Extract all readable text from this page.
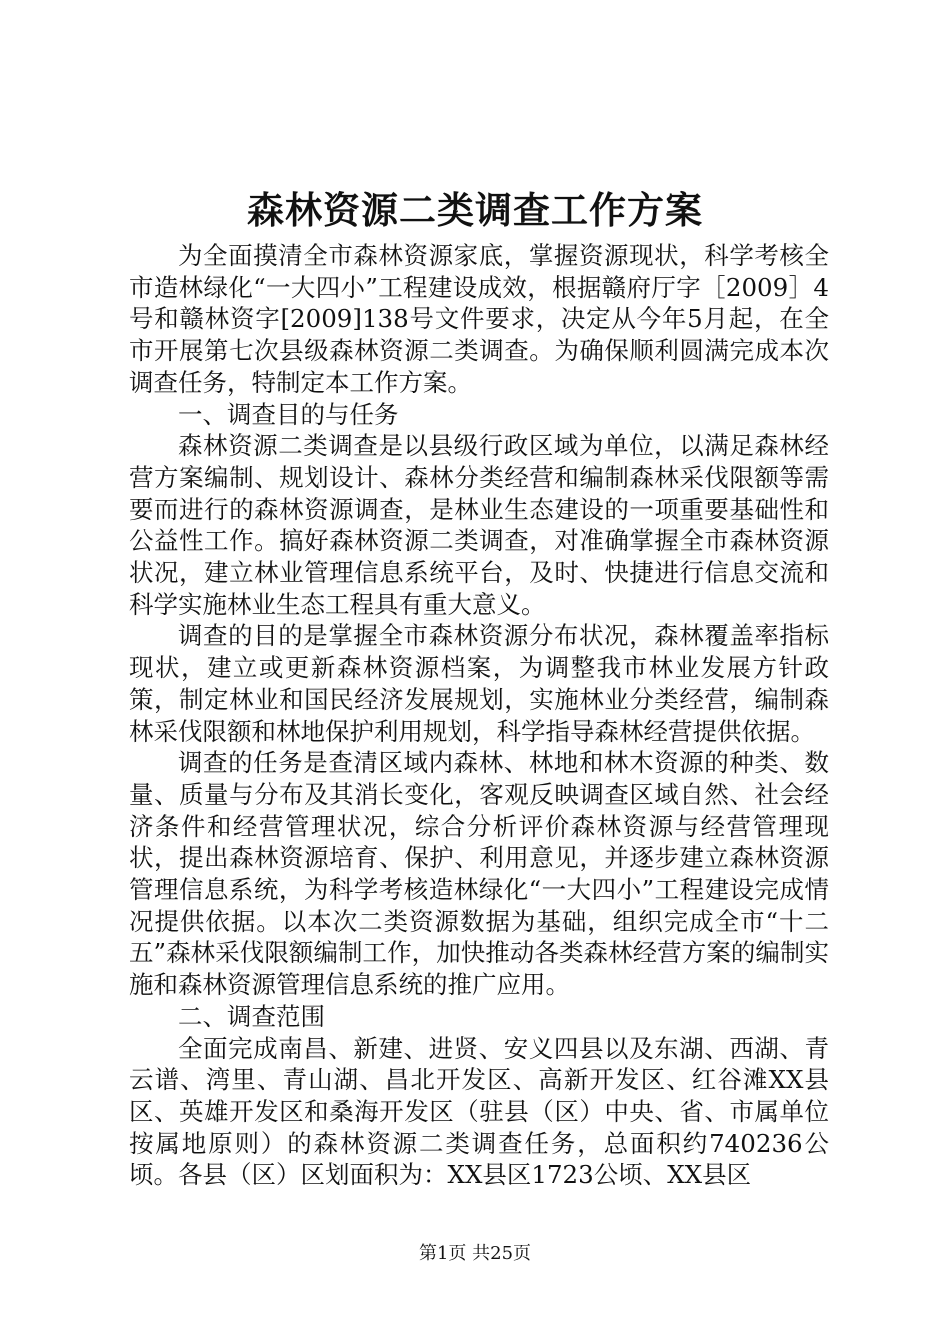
森林资源二类调查工作方案

为全面摸清全市森林资源家底，掌握资源现状，科学考核全市造林绿化“一大四小”工程建设成效，根据赣府厅字［2009］4号和赣林资字[2009]138号文件要求，决定从今年5月起，在全市开展第七次县级森林资源二类调查。为确保顺利圆满完成本次调查任务，特制定本工作方案。

一、调查目的与任务

森林资源二类调查是以县级行政区域为单位，以满足森林经营方案编制、规划设计、森林分类经营和编制森林采伐限额等需要而进行的森林资源调查，是林业生态建设的一项重要基础性和公益性工作。搞好森林资源二类调查，对准确掌握全市森林资源状况，建立林业管理信息系统平台，及时、快捷进行信息交流和科学实施林业生态工程具有重大意义。

调查的目的是掌握全市森林资源分布状况，森林覆盖率指标现状，建立或更新森林资源档案，为调整我市林业发展方针政策，制定林业和国民经济发展规划，实施林业分类经营，编制森林采伐限额和林地保护利用规划，科学指导森林经营提供依据。

调查的任务是查清区域内森林、林地和林木资源的种类、数量、质量与分布及其消长变化，客观反映调查区域自然、社会经济条件和经营管理状况，综合分析评价森林资源与经营管理现状，提出森林资源培育、保护、利用意见，并逐步建立森林资源管理信息系统，为科学考核造林绿化“一大四小”工程建设完成情况提供依据。以本次二类资源数据为基础，组织完成全市“十二五”森林采伐限额编制工作，加快推动各类森林经营方案的编制实施和森林资源管理信息系统的推广应用。

二、调查范围

全面完成南昌、新建、进贤、安义四县以及东湖、西湖、青云谱、湾里、青山湖、昌北开发区、高新开发区、红谷滩XX县区、英雄开发区和桑海开发区（驻县（区）中央、省、市属单位按属地原则）的森林资源二类调查任务，总面积约740236公顷。各县（区）区划面积为：XX县区1723公顷、XX县区

第1页 共25页
